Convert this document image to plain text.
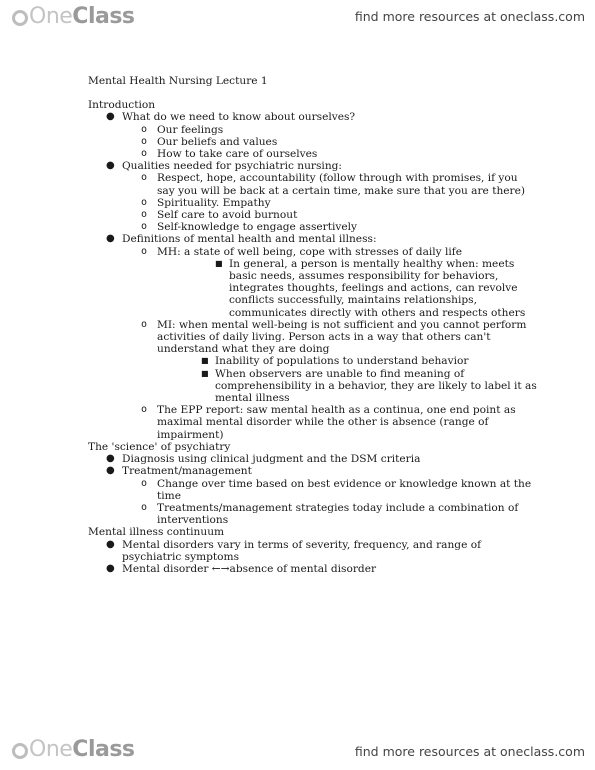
OneClass	find more resources at oneclass.com
Mental Health Nursing Lecture 1
Introduction
● What do we need to know about ourselves?
o Our feelings
o Our beliefs and values
o How to take care of ourselves
● Qualities needed for psychiatric nursing:
o Respect, hope, accountability (follow through with promises, if you
say you will be back at a certain time, make sure that you are there)
o Spirituality. Empathy
o Self care to avoid burnout
o Self-knowledge to engage assertively
● Definitions of mental health and mental illness:
o MH: a state of well being, cope with stresses of daily life
■ In general, a person is mentally healthy when: meets
basic needs, assumes responsibility for behaviors,
integrates thoughts, feelings and actions, can revolve
conflicts successfully, maintains relationships,
communicates directly with others and respects others
o MI: when mental well-being is not sufficient and you cannot perform
activities of daily living. Person acts in a way that others can't
understand what they are doing
■ Inability of populations to understand behavior
■ When observers are unable to find meaning of
comprehensibility in a behavior, they are likely to label it as
mental illness
o The EPP report: saw mental health as a continua, one end point as
maximal mental disorder while the other is absence (range of
impairment)
The 'science' of psychiatry
● Diagnosis using clinical judgment and the DSM criteria
● Treatment/management
o Change over time based on best evidence or knowledge known at the
time
o Treatments/management strategies today include a combination of
interventions
Mental illness continuum
● Mental disorders vary in terms of severity, frequency, and range of
psychiatric symptoms
● Mental disorder ←→absence of mental disorder
OneClass	find more resources at oneclass.com
